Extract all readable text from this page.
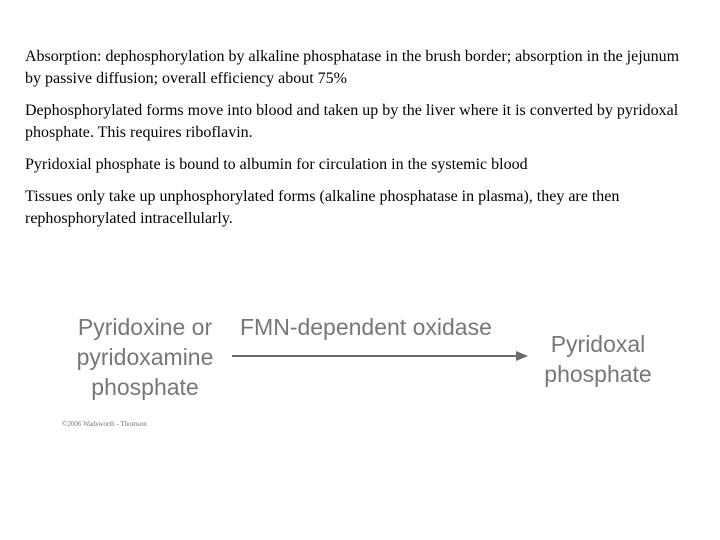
Absorption: dephosphorylation by alkaline phosphatase in the brush border; absorption in the jejunum by passive diffusion; overall efficiency about 75%

Dephosphorylated forms move into blood and taken up by the liver where it is converted by pyridoxal phosphate. This requires riboflavin.

Pyridoxial phosphate is bound to albumin for circulation in the systemic blood

Tissues only take up unphosphorylated forms (alkaline phosphatase in plasma), they are then rephosphorylated intracellularly.

Pyridoxine or
pyridoxamine
phosphate
FMN-dependent oxidase
Pyridoxal
phosphate
©2006 Wadsworth - Thomson
